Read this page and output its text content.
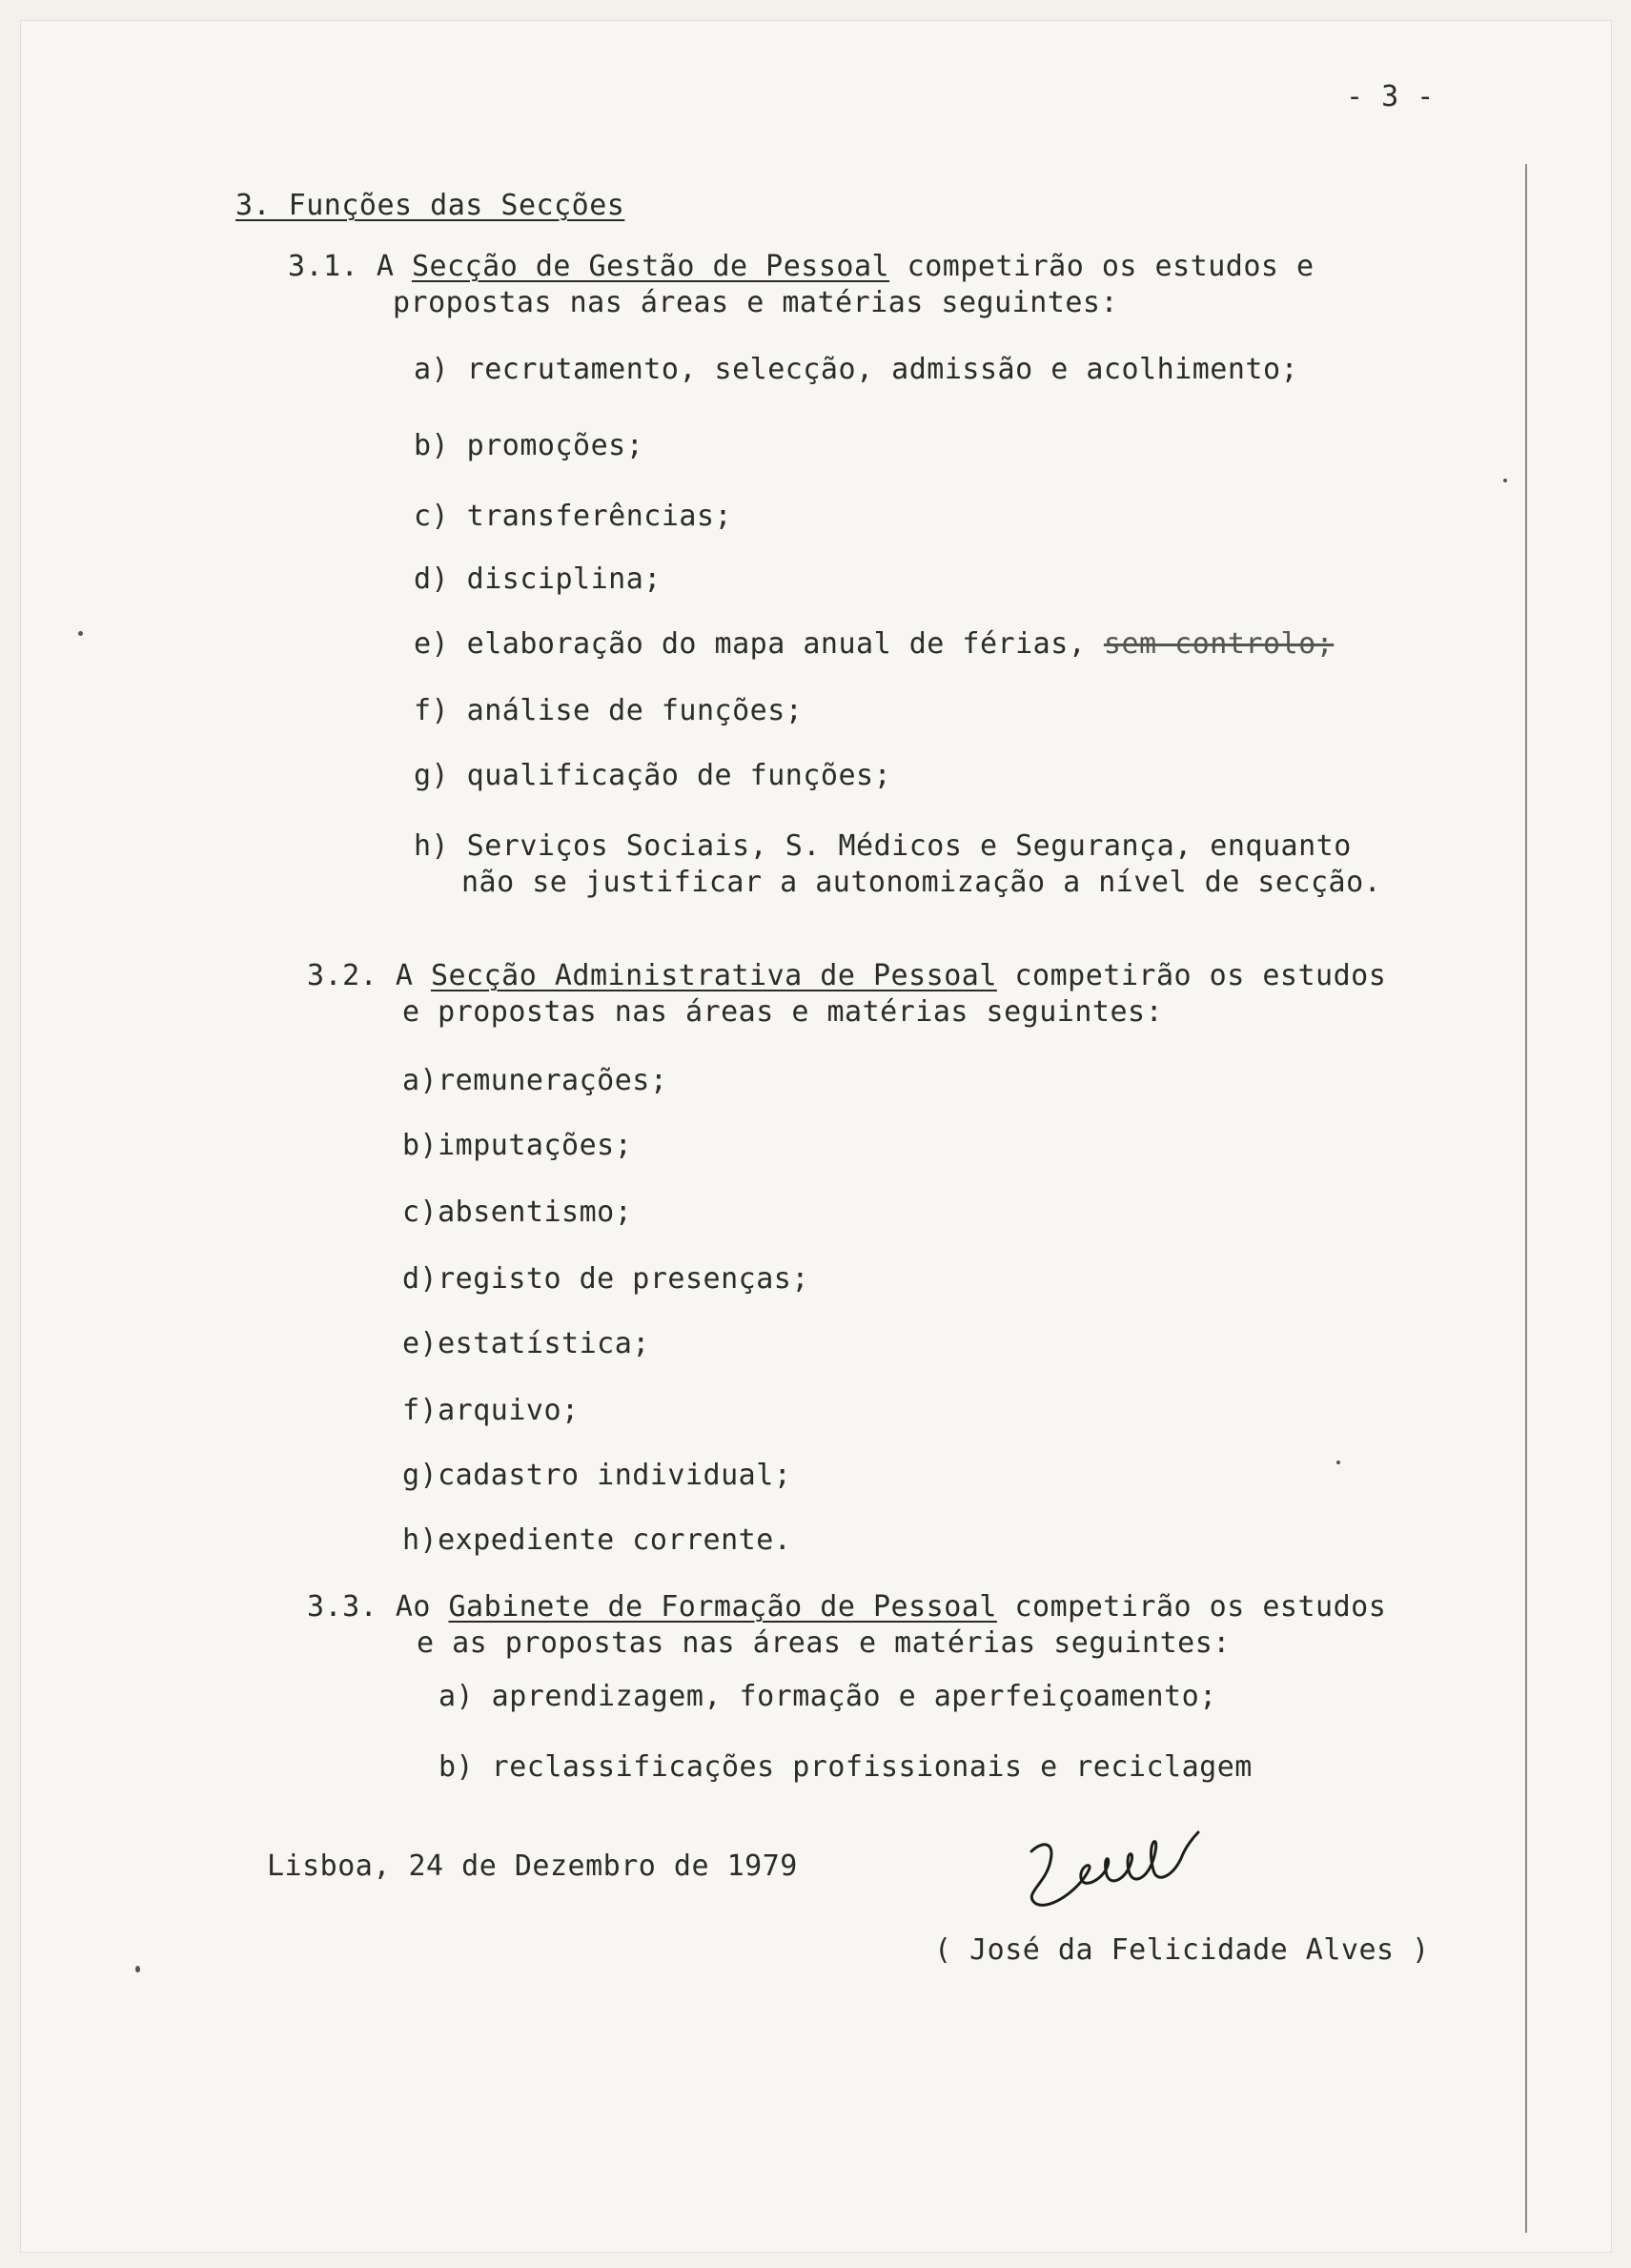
- 3 -
3. Funções das Secções
3.1. A Secção de Gestão de Pessoal competirão os estudos e
propostas nas áreas e matérias seguintes:
a) recrutamento, selecção, admissão e acolhimento;
b) promoções;
c) transferências;
d) disciplina;
e) elaboração do mapa anual de férias, sem controlo;
f) análise de funções;
g) qualificação de funções;
h) Serviços Sociais, S. Médicos e Segurança, enquanto
não se justificar a autonomização a nível de secção.
3.2. A Secção Administrativa de Pessoal competirão os estudos
e propostas nas áreas e matérias seguintes:
a)remunerações;
b)imputações;
c)absentismo;
d)registo de presenças;
e)estatística;
f)arquivo;
g)cadastro individual;
h)expediente corrente.
3.3. Ao Gabinete de Formação de Pessoal competirão os estudos
e as propostas nas áreas e matérias seguintes:
a) aprendizagem, formação e aperfeiçoamento;
b) reclassificações profissionais e reciclagem
Lisboa, 24 de Dezembro de 1979
( José da Felicidade Alves )
